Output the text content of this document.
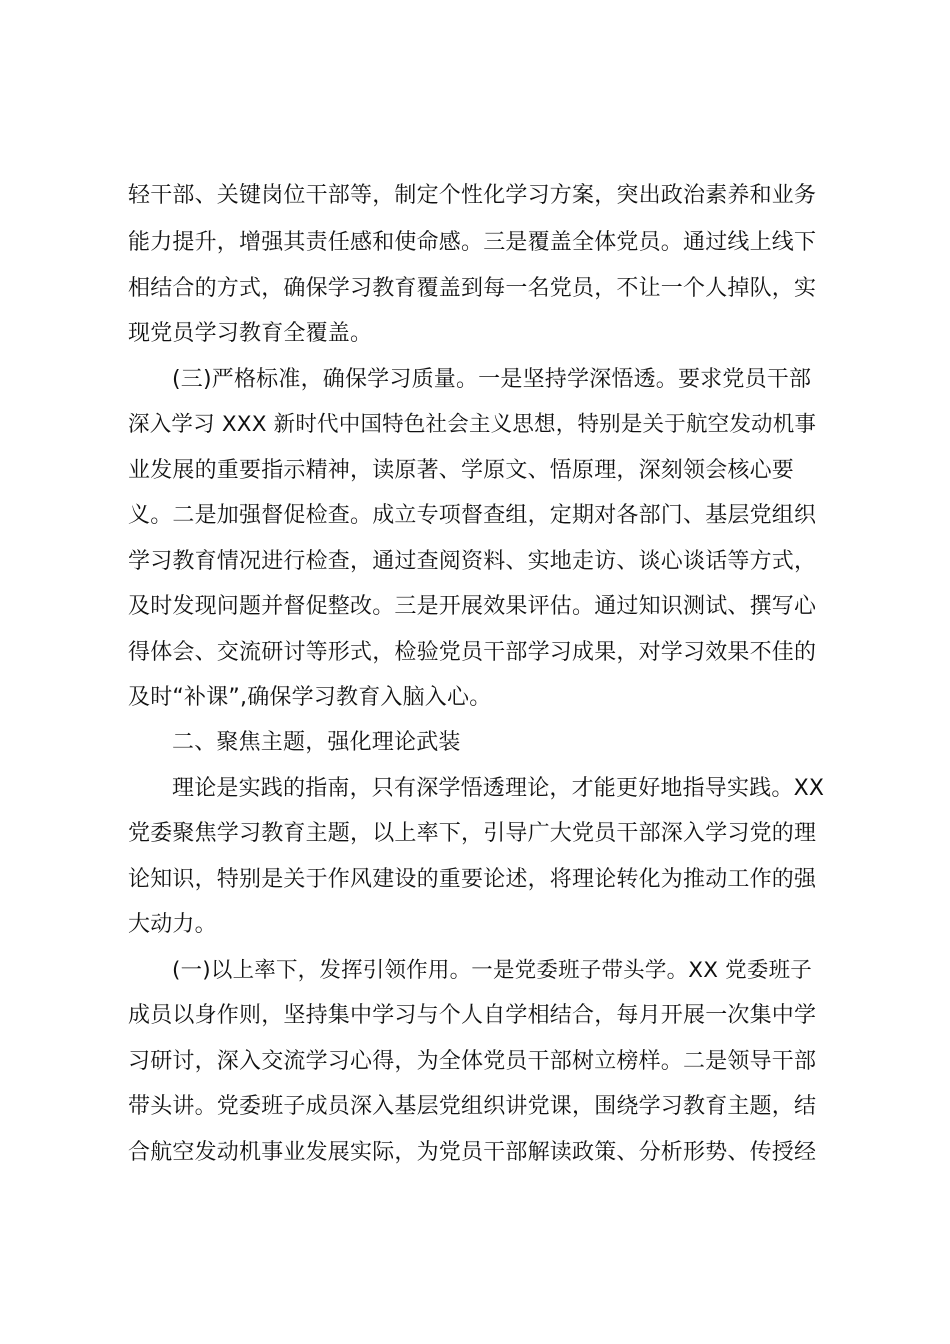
轻干部、关键岗位干部等，制定个性化学习方案，突出政治素养和业务

能力提升，增强其责任感和使命感。三是覆盖全体党员。通过线上线下

相结合的方式，确保学习教育覆盖到每一名党员，不让一个人掉队，实

现党员学习教育全覆盖。

(三)严格标准，确保学习质量。一是坚持学深悟透。要求党员干部

深入学习 XXX 新时代中国特色社会主义思想，特别是关于航空发动机事

业发展的重要指示精神，读原著、学原文、悟原理，深刻领会核心要

义。二是加强督促检查。成立专项督查组，定期对各部门、基层党组织

学习教育情况进行检查，通过查阅资料、实地走访、谈心谈话等方式，

及时发现问题并督促整改。三是开展效果评估。通过知识测试、撰写心

得体会、交流研讨等形式，检验党员干部学习成果，对学习效果不佳的

及时“补课”,确保学习教育入脑入心。

二、聚焦主题，强化理论武装

理论是实践的指南，只有深学悟透理论，才能更好地指导实践。XX

党委聚焦学习教育主题，以上率下，引导广大党员干部深入学习党的理

论知识，特别是关于作风建设的重要论述，将理论转化为推动工作的强

大动力。

(一)以上率下，发挥引领作用。一是党委班子带头学。XX 党委班子

成员以身作则，坚持集中学习与个人自学相结合，每月开展一次集中学

习研讨，深入交流学习心得，为全体党员干部树立榜样。二是领导干部

带头讲。党委班子成员深入基层党组织讲党课，围绕学习教育主题，结

合航空发动机事业发展实际，为党员干部解读政策、分析形势、传授经
